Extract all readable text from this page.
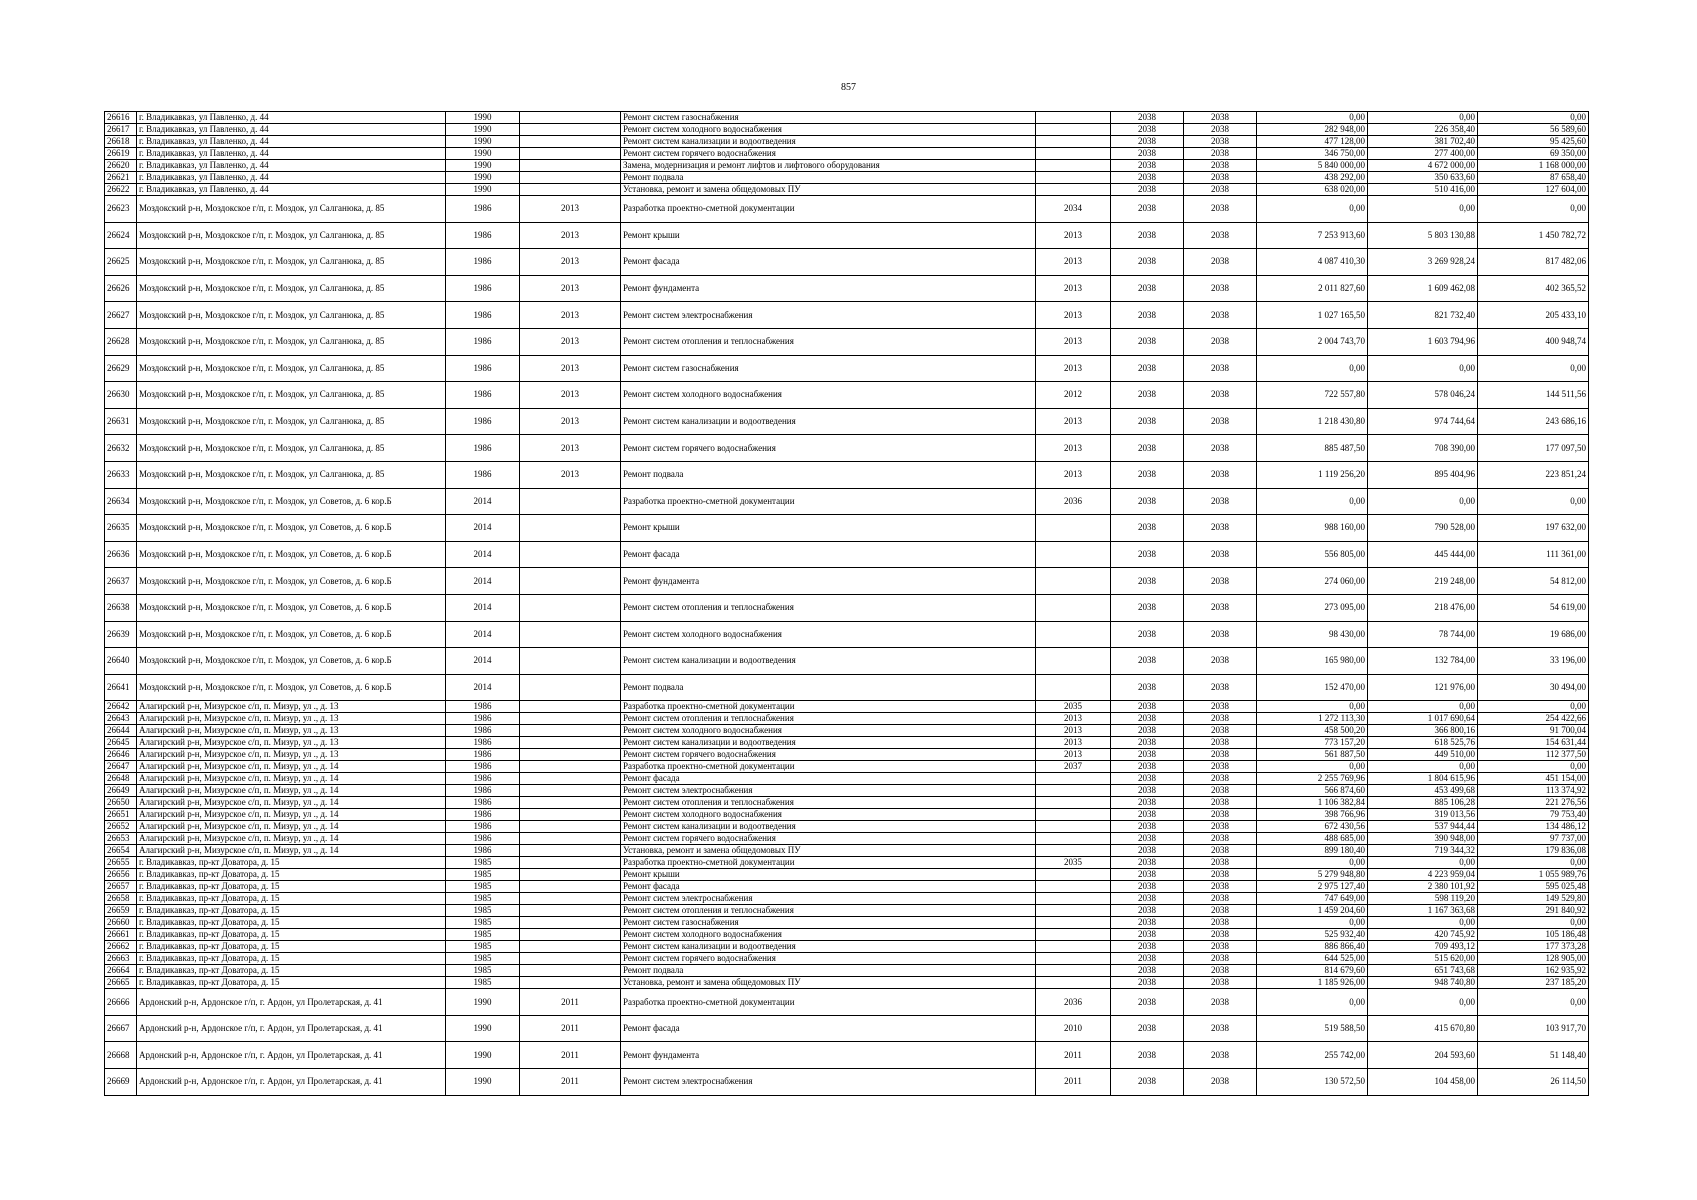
857
26616	г. Владикавказ, ул Павленко, д. 44	1990		Ремонт систем газоснабжения		2038	2038	0,00	0,00	0,00
26617	г. Владикавказ, ул Павленко, д. 44	1990		Ремонт систем холодного водоснабжения		2038	2038	282 948,00	226 358,40	56 589,60
26618	г. Владикавказ, ул Павленко, д. 44	1990		Ремонт систем канализации и водоотведения		2038	2038	477 128,00	381 702,40	95 425,60
26619	г. Владикавказ, ул Павленко, д. 44	1990		Ремонт систем горячего водоснабжения		2038	2038	346 750,00	277 400,00	69 350,00
26620	г. Владикавказ, ул Павленко, д. 44	1990		Замена, модернизация и ремонт лифтов и лифтового оборудования		2038	2038	5 840 000,00	4 672 000,00	1 168 000,00
26621	г. Владикавказ, ул Павленко, д. 44	1990		Ремонт подвала		2038	2038	438 292,00	350 633,60	87 658,40
26622	г. Владикавказ, ул Павленко, д. 44	1990		Установка, ремонт и замена общедомовых ПУ		2038	2038	638 020,00	510 416,00	127 604,00
26623	Моздокский р-н, Моздокское г/п, г. Моздок, ул Салганюка, д. 85	1986	2013	Разработка проектно-сметной документации	2034	2038	2038	0,00	0,00	0,00
26624	Моздокский р-н, Моздокское г/п, г. Моздок, ул Салганюка, д. 85	1986	2013	Ремонт крыши	2013	2038	2038	7 253 913,60	5 803 130,88	1 450 782,72
26625	Моздокский р-н, Моздокское г/п, г. Моздок, ул Салганюка, д. 85	1986	2013	Ремонт фасада	2013	2038	2038	4 087 410,30	3 269 928,24	817 482,06
26626	Моздокский р-н, Моздокское г/п, г. Моздок, ул Салганюка, д. 85	1986	2013	Ремонт фундамента	2013	2038	2038	2 011 827,60	1 609 462,08	402 365,52
26627	Моздокский р-н, Моздокское г/п, г. Моздок, ул Салганюка, д. 85	1986	2013	Ремонт систем электроснабжения	2013	2038	2038	1 027 165,50	821 732,40	205 433,10
26628	Моздокский р-н, Моздокское г/п, г. Моздок, ул Салганюка, д. 85	1986	2013	Ремонт систем отопления и теплоснабжения	2013	2038	2038	2 004 743,70	1 603 794,96	400 948,74
26629	Моздокский р-н, Моздокское г/п, г. Моздок, ул Салганюка, д. 85	1986	2013	Ремонт систем газоснабжения	2013	2038	2038	0,00	0,00	0,00
26630	Моздокский р-н, Моздокское г/п, г. Моздок, ул Салганюка, д. 85	1986	2013	Ремонт систем холодного водоснабжения	2012	2038	2038	722 557,80	578 046,24	144 511,56
26631	Моздокский р-н, Моздокское г/п, г. Моздок, ул Салганюка, д. 85	1986	2013	Ремонт систем канализации и водоотведения	2013	2038	2038	1 218 430,80	974 744,64	243 686,16
26632	Моздокский р-н, Моздокское г/п, г. Моздок, ул Салганюка, д. 85	1986	2013	Ремонт систем горячего водоснабжения	2013	2038	2038	885 487,50	708 390,00	177 097,50
26633	Моздокский р-н, Моздокское г/п, г. Моздок, ул Салганюка, д. 85	1986	2013	Ремонт подвала	2013	2038	2038	1 119 256,20	895 404,96	223 851,24
26634	Моздокский р-н, Моздокское г/п, г. Моздок, ул Советов, д. 6 кор.Б	2014		Разработка проектно-сметной документации	2036	2038	2038	0,00	0,00	0,00
26635	Моздокский р-н, Моздокское г/п, г. Моздок, ул Советов, д. 6 кор.Б	2014		Ремонт крыши		2038	2038	988 160,00	790 528,00	197 632,00
26636	Моздокский р-н, Моздокское г/п, г. Моздок, ул Советов, д. 6 кор.Б	2014		Ремонт фасада		2038	2038	556 805,00	445 444,00	111 361,00
26637	Моздокский р-н, Моздокское г/п, г. Моздок, ул Советов, д. 6 кор.Б	2014		Ремонт фундамента		2038	2038	274 060,00	219 248,00	54 812,00
26638	Моздокский р-н, Моздокское г/п, г. Моздок, ул Советов, д. 6 кор.Б	2014		Ремонт систем отопления и теплоснабжения		2038	2038	273 095,00	218 476,00	54 619,00
26639	Моздокский р-н, Моздокское г/п, г. Моздок, ул Советов, д. 6 кор.Б	2014		Ремонт систем холодного водоснабжения		2038	2038	98 430,00	78 744,00	19 686,00
26640	Моздокский р-н, Моздокское г/п, г. Моздок, ул Советов, д. 6 кор.Б	2014		Ремонт систем канализации и водоотведения		2038	2038	165 980,00	132 784,00	33 196,00
26641	Моздокский р-н, Моздокское г/п, г. Моздок, ул Советов, д. 6 кор.Б	2014		Ремонт подвала		2038	2038	152 470,00	121 976,00	30 494,00
26642	Алагирский р-н, Мизурское с/п, п. Мизур, ул ., д. 13	1986		Разработка проектно-сметной документации	2035	2038	2038	0,00	0,00	0,00
26643	Алагирский р-н, Мизурское с/п, п. Мизур, ул ., д. 13	1986		Ремонт систем отопления и теплоснабжения	2013	2038	2038	1 272 113,30	1 017 690,64	254 422,66
26644	Алагирский р-н, Мизурское с/п, п. Мизур, ул ., д. 13	1986		Ремонт систем холодного водоснабжения	2013	2038	2038	458 500,20	366 800,16	91 700,04
26645	Алагирский р-н, Мизурское с/п, п. Мизур, ул ., д. 13	1986		Ремонт систем канализации и водоотведения	2013	2038	2038	773 157,20	618 525,76	154 631,44
26646	Алагирский р-н, Мизурское с/п, п. Мизур, ул ., д. 13	1986		Ремонт систем горячего водоснабжения	2013	2038	2038	561 887,50	449 510,00	112 377,50
26647	Алагирский р-н, Мизурское с/п, п. Мизур, ул ., д. 14	1986		Разработка проектно-сметной документации	2037	2038	2038	0,00	0,00	0,00
26648	Алагирский р-н, Мизурское с/п, п. Мизур, ул ., д. 14	1986		Ремонт фасада		2038	2038	2 255 769,96	1 804 615,96	451 154,00
26649	Алагирский р-н, Мизурское с/п, п. Мизур, ул ., д. 14	1986		Ремонт систем электроснабжения		2038	2038	566 874,60	453 499,68	113 374,92
26650	Алагирский р-н, Мизурское с/п, п. Мизур, ул ., д. 14	1986		Ремонт систем отопления и теплоснабжения		2038	2038	1 106 382,84	885 106,28	221 276,56
26651	Алагирский р-н, Мизурское с/п, п. Мизур, ул ., д. 14	1986		Ремонт систем холодного водоснабжения		2038	2038	398 766,96	319 013,56	79 753,40
26652	Алагирский р-н, Мизурское с/п, п. Мизур, ул ., д. 14	1986		Ремонт систем канализации и водоотведения		2038	2038	672 430,56	537 944,44	134 486,12
26653	Алагирский р-н, Мизурское с/п, п. Мизур, ул ., д. 14	1986		Ремонт систем горячего водоснабжения		2038	2038	488 685,00	390 948,00	97 737,00
26654	Алагирский р-н, Мизурское с/п, п. Мизур, ул ., д. 14	1986		Установка, ремонт и замена общедомовых ПУ		2038	2038	899 180,40	719 344,32	179 836,08
26655	г. Владикавказ, пр-кт Доватора, д. 15	1985		Разработка проектно-сметной документации	2035	2038	2038	0,00	0,00	0,00
26656	г. Владикавказ, пр-кт Доватора, д. 15	1985		Ремонт крыши		2038	2038	5 279 948,80	4 223 959,04	1 055 989,76
26657	г. Владикавказ, пр-кт Доватора, д. 15	1985		Ремонт фасада		2038	2038	2 975 127,40	2 380 101,92	595 025,48
26658	г. Владикавказ, пр-кт Доватора, д. 15	1985		Ремонт систем электроснабжения		2038	2038	747 649,00	598 119,20	149 529,80
26659	г. Владикавказ, пр-кт Доватора, д. 15	1985		Ремонт систем отопления и теплоснабжения		2038	2038	1 459 204,60	1 167 363,68	291 840,92
26660	г. Владикавказ, пр-кт Доватора, д. 15	1985		Ремонт систем газоснабжения		2038	2038	0,00	0,00	0,00
26661	г. Владикавказ, пр-кт Доватора, д. 15	1985		Ремонт систем холодного водоснабжения		2038	2038	525 932,40	420 745,92	105 186,48
26662	г. Владикавказ, пр-кт Доватора, д. 15	1985		Ремонт систем канализации и водоотведения		2038	2038	886 866,40	709 493,12	177 373,28
26663	г. Владикавказ, пр-кт Доватора, д. 15	1985		Ремонт систем горячего водоснабжения		2038	2038	644 525,00	515 620,00	128 905,00
26664	г. Владикавказ, пр-кт Доватора, д. 15	1985		Ремонт подвала		2038	2038	814 679,60	651 743,68	162 935,92
26665	г. Владикавказ, пр-кт Доватора, д. 15	1985		Установка, ремонт и замена общедомовых ПУ		2038	2038	1 185 926,00	948 740,80	237 185,20
26666	Ардонский р-н, Ардонское г/п, г. Ардон, ул Пролетарская, д. 41	1990	2011	Разработка проектно-сметной документации	2036	2038	2038	0,00	0,00	0,00
26667	Ардонский р-н, Ардонское г/п, г. Ардон, ул Пролетарская, д. 41	1990	2011	Ремонт фасада	2010	2038	2038	519 588,50	415 670,80	103 917,70
26668	Ардонский р-н, Ардонское г/п, г. Ардон, ул Пролетарская, д. 41	1990	2011	Ремонт фундамента	2011	2038	2038	255 742,00	204 593,60	51 148,40
26669	Ардонский р-н, Ардонское г/п, г. Ардон, ул Пролетарская, д. 41	1990	2011	Ремонт систем электроснабжения	2011	2038	2038	130 572,50	104 458,00	26 114,50
